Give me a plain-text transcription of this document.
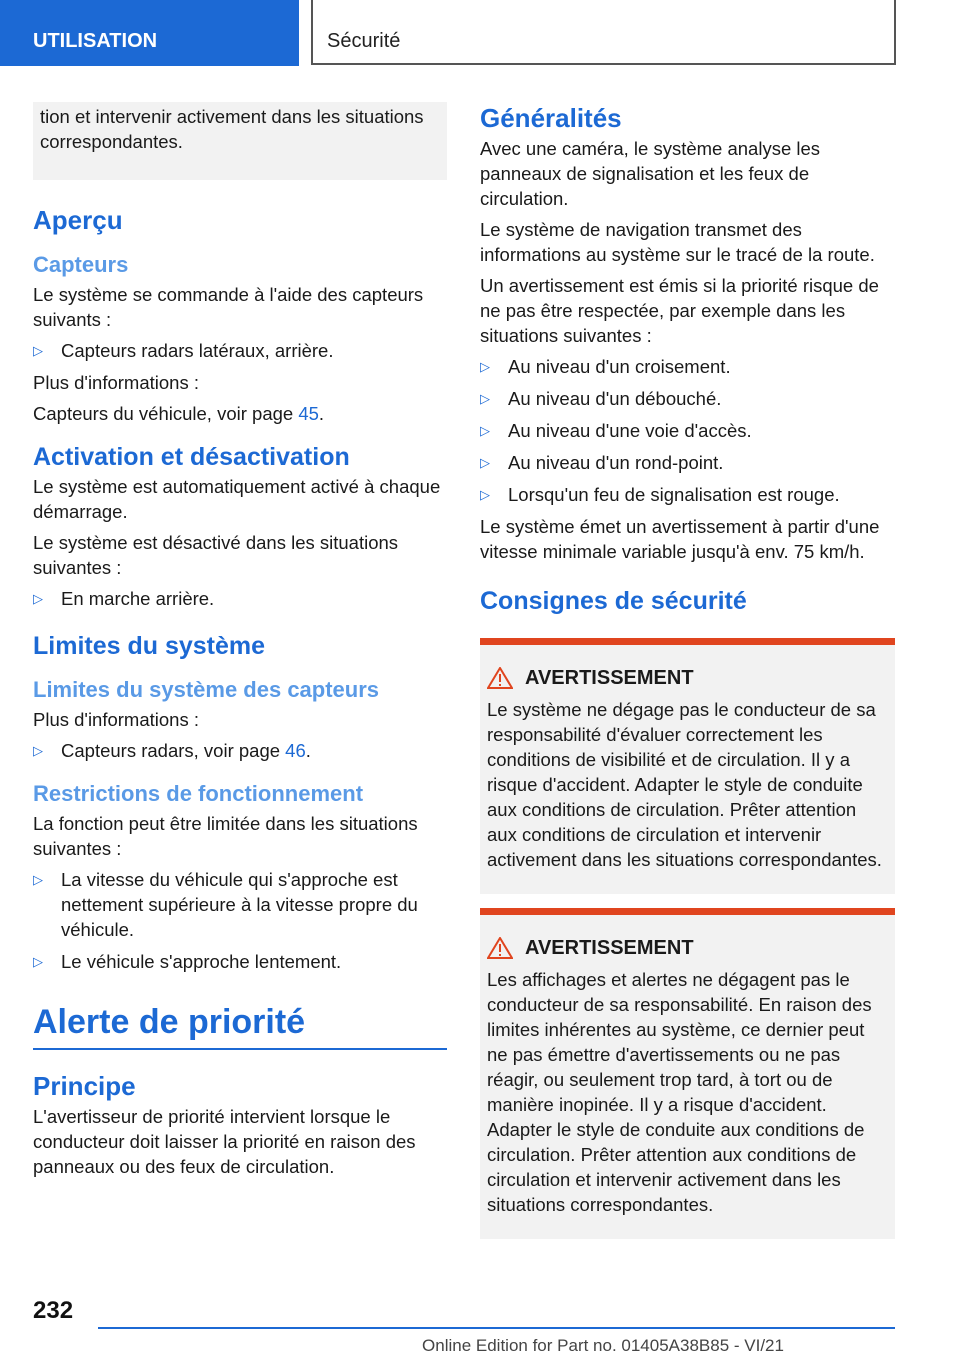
UTILISATION	Sécurité

tion et intervenir activement dans les situations correspondantes.

Aperçu
Capteurs

Le système se commande à l'aide des capteurs suivants :

▷ Capteurs radars latéraux, arrière.

Plus d'informations :

Capteurs du véhicule, voir page 45.

Activation et désactivation

Le système est automatiquement activé à chaque démarrage.

Le système est désactivé dans les situations suivantes :

▷ En marche arrière.
Limites du système
Limites du système des capteurs

Plus d'informations :

▷ Capteurs radars, voir page 46.
Restrictions de fonctionnement

La fonction peut être limitée dans les situations suivantes :

▷ La vitesse du véhicule qui s'approche est nettement supérieure à la vitesse propre du véhicule.
▷ Le véhicule s'approche lentement.
Alerte de priorité
Principe

L'avertisseur de priorité intervient lorsque le conducteur doit laisser la priorité en raison des panneaux ou des feux de circulation.

Généralités

Avec une caméra, le système analyse les panneaux de signalisation et les feux de circulation.

Le système de navigation transmet des informations au système sur le tracé de la route.

Un avertissement est émis si la priorité risque de ne pas être respectée, par exemple dans les situations suivantes :

▷ Au niveau d'un croisement.
▷ Au niveau d'un débouché.
▷ Au niveau d'une voie d'accès.
▷ Au niveau d'un rond-point.
▷ Lorsqu'un feu de signalisation est rouge.

Le système émet un avertissement à partir d'une vitesse minimale variable jusqu'à env. 75 km/h.

Consignes de sécurité
AVERTISSEMENT

Le système ne dégage pas le conducteur de sa responsabilité d'évaluer correctement les conditions de visibilité et de circulation. Il y a risque d'accident. Adapter le style de conduite aux conditions de circulation. Prêter attention aux conditions de circulation et intervenir activement dans les situations correspondantes.

AVERTISSEMENT

Les affichages et alertes ne dégagent pas le conducteur de sa responsabilité. En raison des limites inhérentes au système, ce dernier peut ne pas émettre d'avertissements ou ne pas réagir, ou seulement trop tard, à tort ou de manière inopinée. Il y a risque d'accident. Adapter le style de conduite aux conditions de circulation. Prêter attention aux conditions de circulation et intervenir activement dans les situations correspondantes.

232
Online Edition for Part no. 01405A38B85 - VI/21
